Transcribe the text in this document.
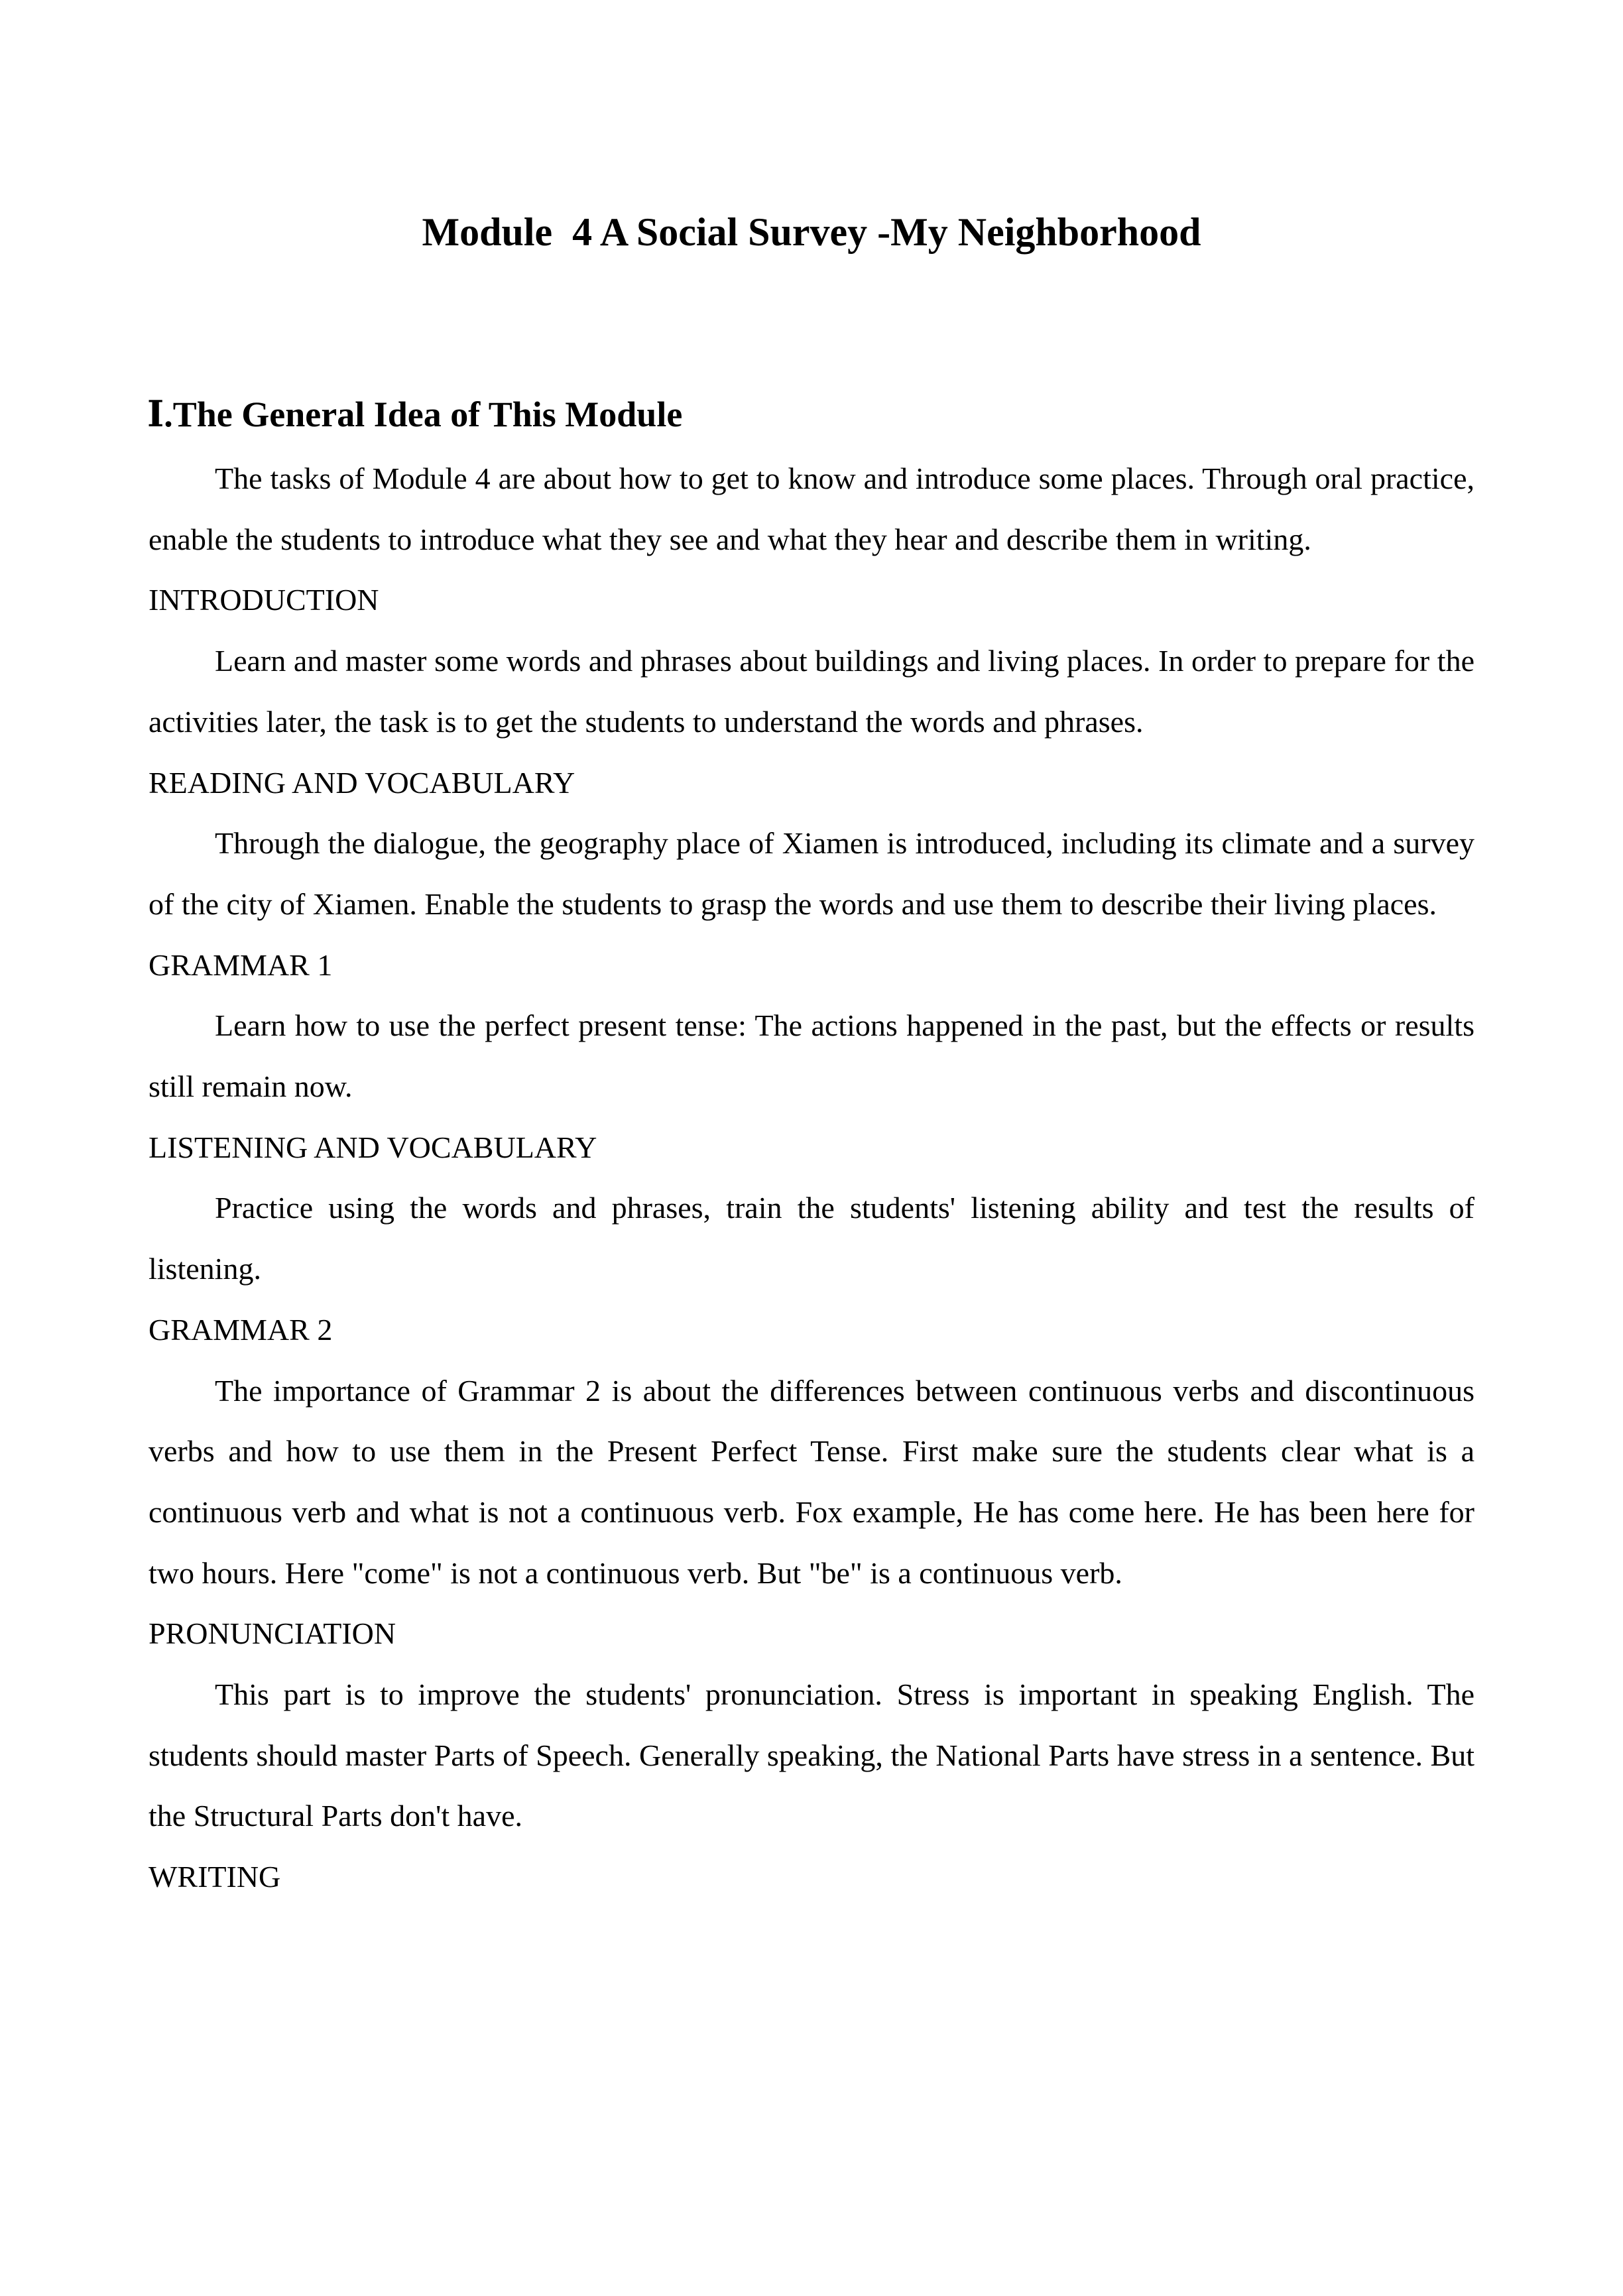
Module  4 A Social Survey -My Neighborhood
Ⅰ.The General Idea of This Module

The tasks of Module 4 are about how to get to know and introduce some places. Through oral practice, enable the students to introduce what they see and what they hear and describe them in writing.

INTRODUCTION

Learn and master some words and phrases about buildings and living places. In order to prepare for the activities later, the task is to get the students to understand the words and phrases.

READING AND VOCABULARY

Through the dialogue, the geography place of Xiamen is introduced, including its climate and a survey of the city of Xiamen. Enable the students to grasp the words and use them to describe their living places.

GRAMMAR 1

Learn how to use the perfect present tense: The actions happened in the past, but the effects or results still remain now.

LISTENING AND VOCABULARY

Practice using the words and phrases, train the students' listening ability and test the results of listening.

GRAMMAR 2

The importance of Grammar 2 is about the differences between continuous verbs and discontinuous verbs and how to use them in the Present Perfect Tense. First make sure the students clear what is a continuous verb and what is not a continuous verb. Fox example, He has come here. He has been here for two hours. Here "come" is not a continuous verb. But "be" is a continuous verb.

PRONUNCIATION

This part is to improve the students' pronunciation. Stress is important in speaking English. The students should master Parts of Speech. Generally speaking, the National Parts have stress in a sentence. But the Structural Parts don't have.

WRITING
